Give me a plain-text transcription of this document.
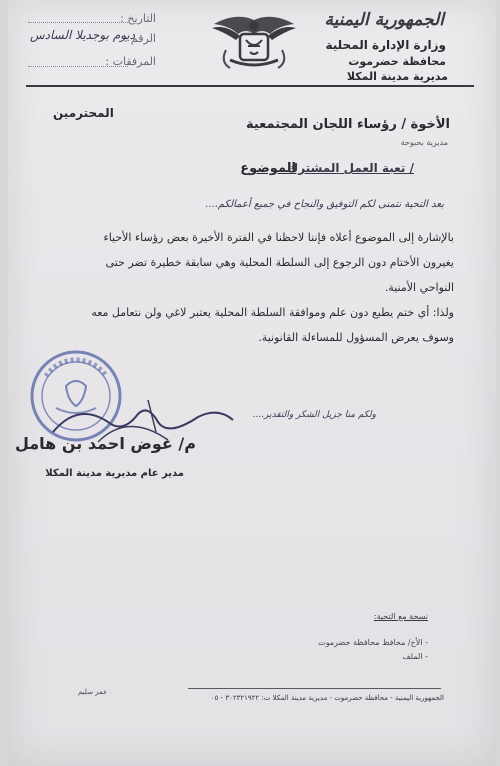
الجمهورية اليمنية
وزارة الإدارة المحلية
محافظة حضرموت
مديرية مدينة المكلا
التاريخ :
الرقم :
ديوم بوجديلا السادس
المرفقات :
المحترمين
الأخوة / رؤساء اللجان المجتمعية
مديرية بحبوحة
الموضوع
/ تعبة العمل المشترك
بعد التحية نتمنى لكم التوفيق والنجاح في جميع أعمالكم....
بالإشارة إلى الموضوع أعلاه فإننا لاحظنا في الفترة الأخيرة بعض رؤساء الأحياء
يغيرون الأختام دون الرجوع إلى السلطة المحلية وهي سابقة خطيرة تضر حتى
النواحي الأمنية.
ولذا: أي ختم يطبع دون علم وموافقة السلطة المحلية يعتبر لاغي ولن نتعامل معه
وسوف يعرض المسؤول للمساءلة القانونية.
ولكم منا جزيل الشكر والتقدير....
م/ عوض احمد بن هامل
مدير عام مديرية مدينة المكلا
نسخة مع التحية:
- الأخ/ محافظ محافظة حضرموت
- الملف
الجمهورية اليمنية - محافظة حضرموت - مديرية مدينة المكلا ت: ٣٠٢٣٢١٩٢٢ - ٠٥
عمر سليم
